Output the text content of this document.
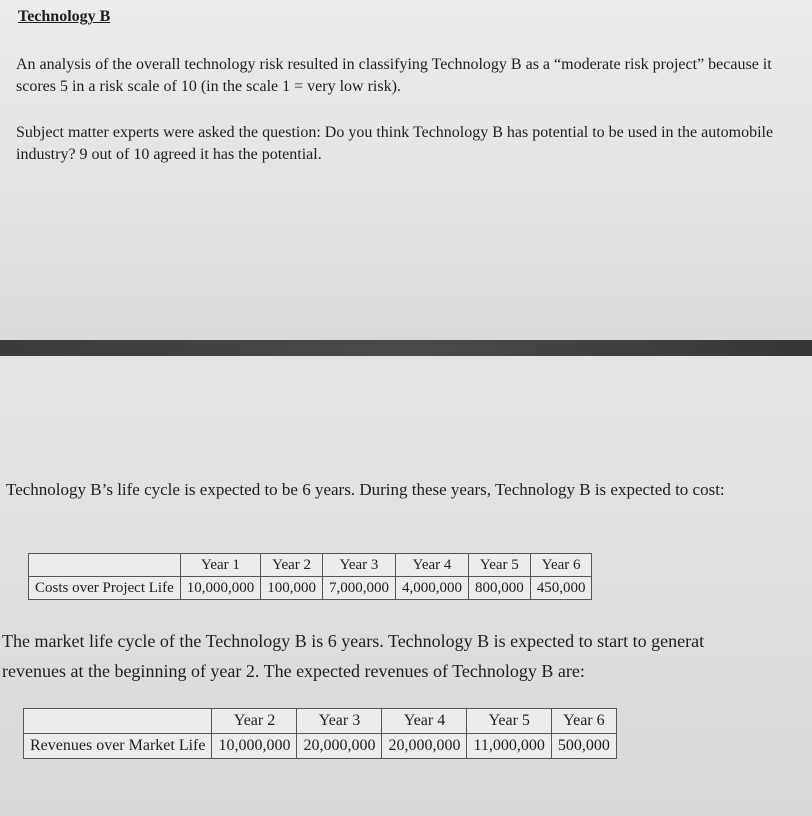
Technology B

An analysis of the overall technology risk resulted in classifying Technology B as a “moderate risk project” because it scores 5 in a risk scale of 10 (in the scale 1 = very low risk).

Subject matter experts were asked the question: Do you think Technology B has potential to be used in the automobile industry? 9 out of 10 agreed it has the potential.

Technology B’s life cycle is expected to be 6 years. During these years, Technology B is expected to cost:

	Year 1	Year 2	Year 3	Year 4	Year 5	Year 6
Costs over Project Life	10,000,000	100,000	7,000,000	4,000,000	800,000	450,000
The market life cycle of the Technology B is 6 years. Technology B is expected to start to generat
revenues at the beginning of year 2. The expected revenues of Technology B are:
	Year 2	Year 3	Year 4	Year 5	Year 6
Revenues over Market Life	10,000,000	20,000,000	20,000,000	11,000,000	500,000
